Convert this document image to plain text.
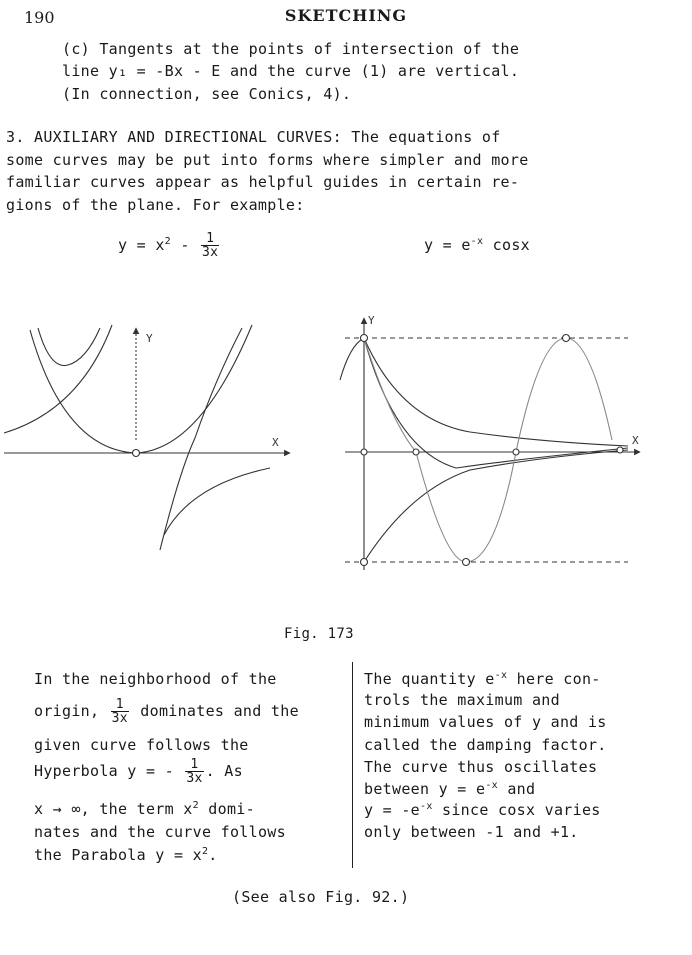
190	SKETCHING
(c) Tangents at the points of intersection of the
line y₁ = -Bx - E and the curve (1) are vertical.
(In connection, see Conics, 4).
3. AUXILIARY AND DIRECTIONAL CURVES: The equations of
some curves may be put into forms where simpler and more
familiar curves appear as helpful guides in certain re-
gions of the plane. For example:
$y = x^2 - \frac{1}{3x}$	$y = e^{-x}$ cosx
Y
X
Y
X
Fig. 173
In the neighborhood of the
origin, $\frac{1}{3x}$ dominates and the
given curve follows the
Hyperbola y = - $\frac{1}{3x}$ . As
x → ∞, the term $x^2$ domi-
nates and the curve follows
the Parabola $y = x^2$.
The quantity $e^{-x}$ here con-
trols the maximum and
minimum values of y and is
called the damping factor.
The curve thus oscillates
between $y = e^{-x}$ and
$y = -e^{-x}$ since cosx varies
only between -1 and +1.
(See also Fig. 92.)
